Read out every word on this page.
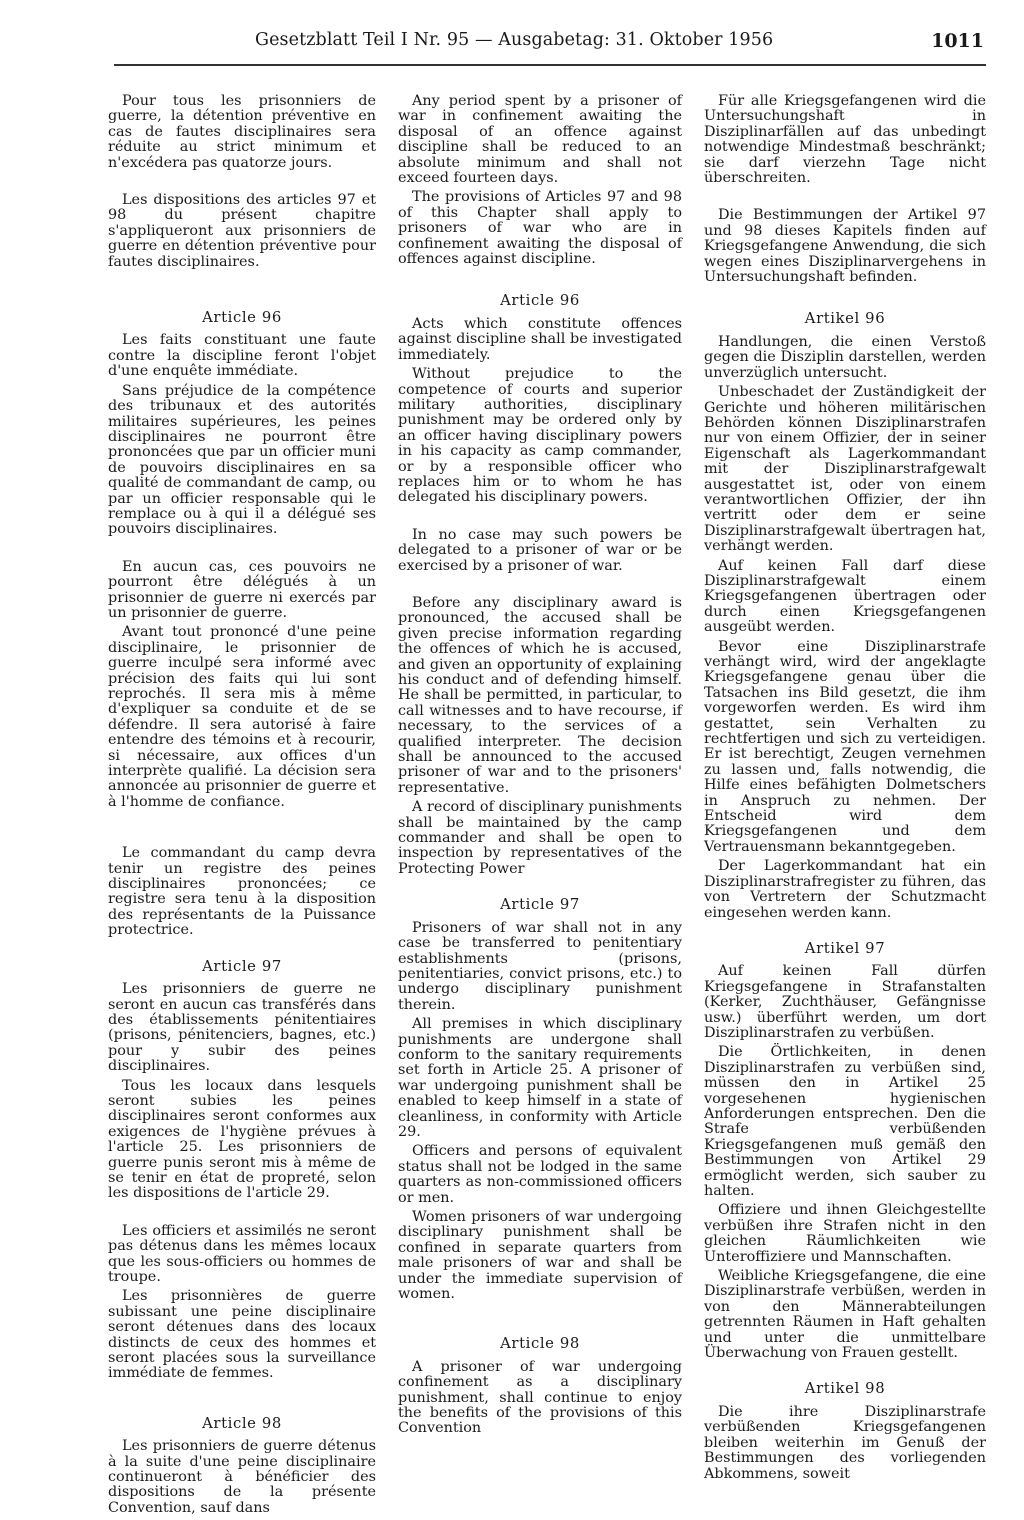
Gesetzblatt Teil I Nr. 95 — Ausgabetag: 31. Oktober 1956	1011

Pour tous les prisonniers de guerre, la détention préventive en cas de fautes disciplinaires sera réduite au strict minimum et n'excédera pas quatorze jours.

Les dispositions des articles 97 et 98 du présent chapitre s'appliqueront aux prisonniers de guerre en détention préventive pour fautes disciplinaires.

Article 96

Les faits constituant une faute contre la discipline feront l'objet d'une enquête immédiate.

Sans préjudice de la compétence des tribunaux et des autorités militaires supérieures, les peines disciplinaires ne pourront être prononcées que par un officier muni de pouvoirs disciplinaires en sa qualité de commandant de camp, ou par un officier responsable qui le remplace ou à qui il a délégué ses pouvoirs disciplinaires.

En aucun cas, ces pouvoirs ne pourront être délégués à un prisonnier de guerre ni exercés par un prisonnier de guerre.

Avant tout prononcé d'une peine disciplinaire, le prisonnier de guerre inculpé sera informé avec précision des faits qui lui sont reprochés. Il sera mis à même d'expliquer sa conduite et de se défendre. Il sera autorisé à faire entendre des témoins et à recourir, si nécessaire, aux offices d'un interprète qualifié. La décision sera annoncée au prisonnier de guerre et à l'homme de confiance.

Le commandant du camp devra tenir un registre des peines disciplinaires prononcées; ce registre sera tenu à la disposition des représentants de la Puissance protectrice.

Article 97

Les prisonniers de guerre ne seront en aucun cas transférés dans des établissements pénitentiaires (prisons, pénitenciers, bagnes, etc.) pour y subir des peines disciplinaires.

Tous les locaux dans lesquels seront subies les peines disciplinaires seront conformes aux exigences de l'hygiène prévues à l'article 25. Les prisonniers de guerre punis seront mis à même de se tenir en état de propreté, selon les dispositions de l'article 29.

Les officiers et assimilés ne seront pas détenus dans les mêmes locaux que les sous-officiers ou hommes de troupe.

Les prisonnières de guerre subissant une peine disciplinaire seront détenues dans des locaux distincts de ceux des hommes et seront placées sous la surveillance immédiate de femmes.

Article 98

Les prisonniers de guerre détenus à la suite d'une peine disciplinaire continueront à bénéficier des dispositions de la présente Convention, sauf dans

Any period spent by a prisoner of war in confinement awaiting the disposal of an offence against discipline shall be reduced to an absolute minimum and shall not exceed fourteen days.

The provisions of Articles 97 and 98 of this Chapter shall apply to prisoners of war who are in confinement awaiting the disposal of offences against discipline.

Article 96

Acts which constitute offences against discipline shall be investigated immediately.

Without prejudice to the competence of courts and superior military authorities, disciplinary punishment may be ordered only by an officer having disciplinary powers in his capacity as camp commander, or by a responsible officer who replaces him or to whom he has delegated his disciplinary powers.

In no case may such powers be delegated to a prisoner of war or be exercised by a prisoner of war.

Before any disciplinary award is pronounced, the accused shall be given precise information regarding the offences of which he is accused, and given an opportunity of explaining his conduct and of defending himself. He shall be permitted, in particular, to call witnesses and to have recourse, if necessary, to the services of a qualified interpreter. The decision shall be announced to the accused prisoner of war and to the prisoners' representative.

A record of disciplinary punishments shall be maintained by the camp commander and shall be open to inspection by representatives of the Protecting Power

Article 97

Prisoners of war shall not in any case be transferred to penitentiary establishments (prisons, penitentiaries, convict prisons, etc.) to undergo disciplinary punishment therein.

All premises in which disciplinary punishments are undergone shall conform to the sanitary requirements set forth in Article 25. A prisoner of war undergoing punishment shall be enabled to keep himself in a state of cleanliness, in conformity with Article 29.

Officers and persons of equivalent status shall not be lodged in the same quarters as non-commissioned officers or men.

Women prisoners of war undergoing disciplinary punishment shall be confined in separate quarters from male prisoners of war and shall be under the immediate supervision of women.

Article 98

A prisoner of war undergoing confinement as a disciplinary punishment, shall continue to enjoy the benefits of the provisions of this Convention

Für alle Kriegsgefangenen wird die Untersuchungshaft in Disziplinarfällen auf das unbedingt notwendige Mindestmaß beschränkt; sie darf vierzehn Tage nicht überschreiten.

Die Bestimmungen der Artikel 97 und 98 dieses Kapitels finden auf Kriegsgefangene Anwendung, die sich wegen eines Disziplinarvergehens in Untersuchungshaft befinden.

Artikel 96

Handlungen, die einen Verstoß gegen die Disziplin darstellen, werden unverzüglich untersucht.

Unbeschadet der Zuständigkeit der Gerichte und höheren militärischen Behörden können Disziplinarstrafen nur von einem Offizier, der in seiner Eigenschaft als Lagerkommandant mit der Disziplinarstrafgewalt ausgestattet ist, oder von einem verantwortlichen Offizier, der ihn vertritt oder dem er seine Disziplinarstrafgewalt übertragen hat, verhängt werden.

Auf keinen Fall darf diese Disziplinarstrafgewalt einem Kriegsgefangenen übertragen oder durch einen Kriegsgefangenen ausgeübt werden.

Bevor eine Disziplinarstrafe verhängt wird, wird der angeklagte Kriegsgefangene genau über die Tatsachen ins Bild gesetzt, die ihm vorgeworfen werden. Es wird ihm gestattet, sein Verhalten zu rechtfertigen und sich zu verteidigen. Er ist berechtigt, Zeugen vernehmen zu lassen und, falls notwendig, die Hilfe eines befähigten Dolmetschers in Anspruch zu nehmen. Der Entscheid wird dem Kriegsgefangenen und dem Vertrauensmann bekanntgegeben.

Der Lagerkommandant hat ein Disziplinarstrafregister zu führen, das von Vertretern der Schutzmacht eingesehen werden kann.

Artikel 97

Auf keinen Fall dürfen Kriegsgefangene in Strafanstalten (Kerker, Zuchthäuser, Gefängnisse usw.) überführt werden, um dort Disziplinarstrafen zu verbüßen.

Die Örtlichkeiten, in denen Disziplinarstrafen zu verbüßen sind, müssen den in Artikel 25 vorgesehenen hygienischen Anforderungen entsprechen. Den die Strafe verbüßenden Kriegsgefangenen muß gemäß den Bestimmungen von Artikel 29 ermöglicht werden, sich sauber zu halten.

Offiziere und ihnen Gleichgestellte verbüßen ihre Strafen nicht in den gleichen Räumlichkeiten wie Unteroffiziere und Mannschaften.

Weibliche Kriegsgefangene, die eine Disziplinarstrafe verbüßen, werden in von den Männerabteilungen getrennten Räumen in Haft gehalten und unter die unmittelbare Überwachung von Frauen gestellt.

Artikel 98

Die ihre Disziplinarstrafe verbüßenden Kriegsgefangenen bleiben weiterhin im Genuß der Bestimmungen des vorliegenden Abkommens, soweit
